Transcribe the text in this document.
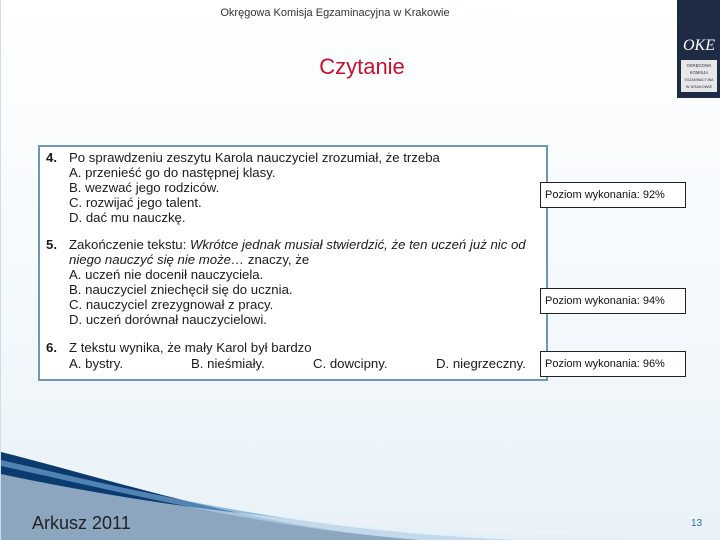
Okręgowa Komisja Egzaminacyjna w Krakowie
Czytanie
OKE
OKRĘGOWA
KOMISJA
EGZAMINACYJNA
W KRAKOWIE
4. Po sprawdzeniu zeszytu Karola nauczyciel zrozumiał, że trzeba
A. przenieść go do następnej klasy.
B. wezwać jego rodziców.
C. rozwijać jego talent.
D. dać mu nauczkę.
5. Zakończenie tekstu: Wkrótce jednak musiał stwierdzić, że ten uczeń już nic od
niego nauczyć się nie może… znaczy, że
A. uczeń nie docenił nauczyciela.
B. nauczyciel zniechęcił się do ucznia.
C. nauczyciel zrezygnował z pracy.
D. uczeń dorównał nauczycielowi.
6. Z tekstu wynika, że mały Karol był bardzo
A. bystry.	B. nieśmiały.	C. dowcipny.	D. niegrzeczny.
Poziom wykonania: 92%
Poziom wykonania: 94%
Poziom wykonania: 96%
Arkusz 2011	13
